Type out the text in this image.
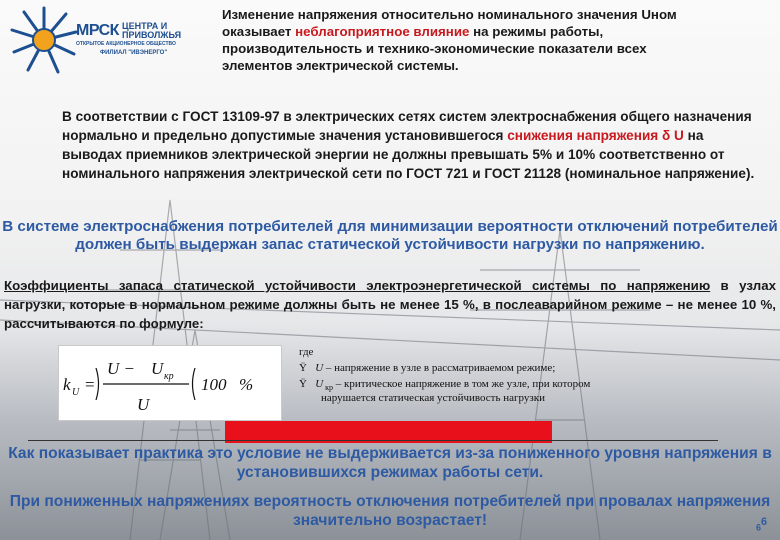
МРСК ЦЕНТРА И
ПРИВОЛЖЬЯ
ОТКРЫТОЕ АКЦИОНЕРНОЕ ОБЩЕСТВО
ФИЛИАЛ "ИВЭНЕРГО"
Изменение напряжения относительно номинального значения Uном оказывает неблагоприятное влияние на режимы работы, производительность и технико-экономические показатели всех элементов электрической системы.
В соответствии с ГОСТ 13109-97 в электрических сетях систем электроснабжения общего назначения нормально и предельно допустимые значения установившегося снижения напряжения δ U на выводах приемников электрической энергии не должны превышать 5% и 10% соответственно от номинального напряжения электрической сети по ГОСТ 721 и ГОСТ 21128 (номинальное напряжение).
В системе электроснабжения потребителей для минимизации вероятности отключений потребителей должен быть выдержан запас статической устойчивости нагрузки по напряжению.
Коэффициенты запаса статической устойчивости электроэнергетической системы по напряжению в узлах нагрузки, которые в нормальном режиме должны быть не менее 15 %, в послеаварийном режиме – не менее 10 %, рассчитываются по формуле:
k U =
U − U кр
U
100 %
где
Ÿ U – напряжение в узле в рассматриваемом режиме;
Ÿ U $_{кр}$ – критическое напряжение в том же узле, при котором
нарушается статическая устойчивость нагрузки
Как показывает практика это условие не выдерживается из-за пониженного уровня напряжения в установившихся режимах работы сети.
При пониженных напряжениях вероятность отключения потребителей при провалах напряжения значительно возрастает!	$6^6$
